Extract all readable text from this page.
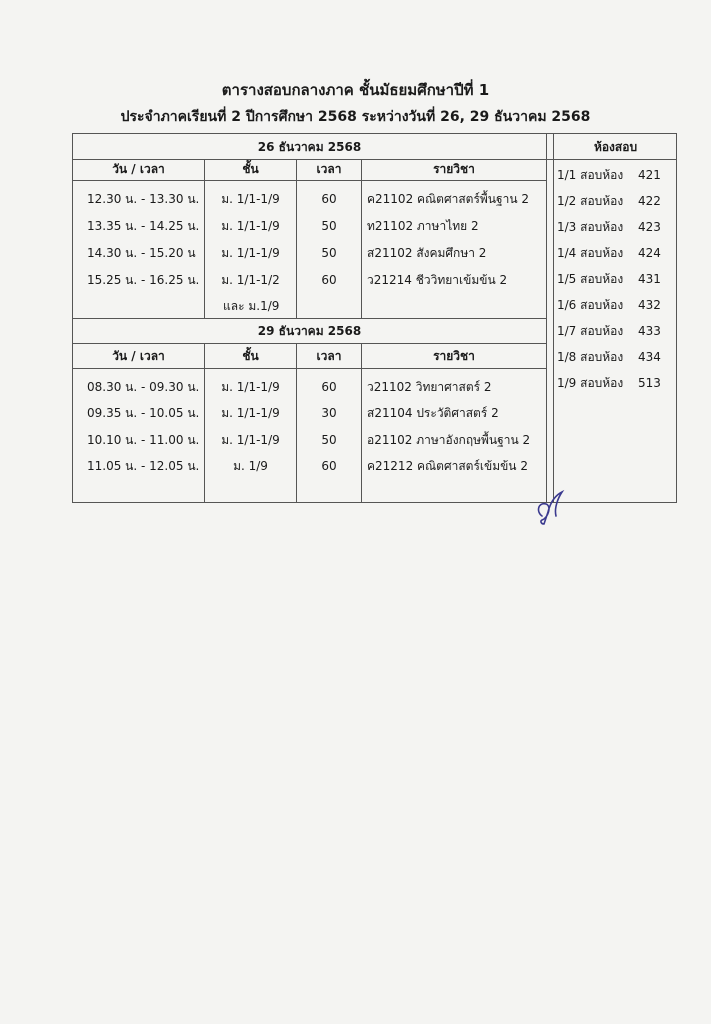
ตารางสอบกลางภาค ชั้นมัธยมศึกษาปีที่ 1
ประจำภาคเรียนที่ 2 ปีการศึกษา 2568 ระหว่างวันที่ 26, 29 ธันวาคม 2568
26 ธันวาคม 2568	ห้องสอบ
วัน / เวลา	ชั้น	เวลา	รายวิชา
12.30 น. - 13.30 น.	ม. 1/1-1/9	60	ค21102 คณิตศาสตร์พื้นฐาน 2
13.35 น. - 14.25 น.	ม. 1/1-1/9	50	ท21102 ภาษาไทย 2
14.30 น. - 15.20 น	ม. 1/1-1/9	50	ส21102 สังคมศึกษา 2
15.25 น. - 16.25 น.	ม. 1/1-1/2	60	ว21214 ชีววิทยาเข้มข้น 2
และ ม.1/9
29 ธันวาคม 2568
วัน / เวลา	ชั้น	เวลา	รายวิชา
08.30 น. - 09.30 น.	ม. 1/1-1/9	60	ว21102 วิทยาศาสตร์ 2
09.35 น. - 10.05 น.	ม. 1/1-1/9	30	ส21104 ประวัติศาสตร์ 2
10.10 น. - 11.00 น.	ม. 1/1-1/9	50	อ21102 ภาษาอังกฤษพื้นฐาน 2
11.05 น. - 12.05 น.	ม. 1/9	60	ค21212 คณิตศาสตร์เข้มข้น 2
1/1 สอบห้อง 421
1/2 สอบห้อง 422
1/3 สอบห้อง 423
1/4 สอบห้อง 424
1/5 สอบห้อง 431
1/6 สอบห้อง 432
1/7 สอบห้อง 433
1/8 สอบห้อง 434
1/9 สอบห้อง 513
